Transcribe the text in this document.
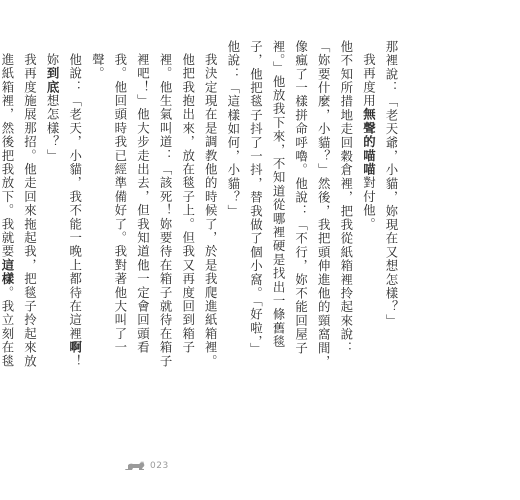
那裡說：「老天爺，小貓，妳現在又想怎樣？」

我再度用無聲的喵喵對付他。

他不知所措地走回穀倉裡，把我從紙箱裡拎起來說：「妳要什麼，小貓？」然後，我把頭伸進他的頸窩間，像瘋了一樣拼命呼嚕。他說：「不行，妳不能回屋子裡。」他放我下來，不知道從哪裡硬是找出一條舊毯子，他把毯子抖了一抖，替我做了個小窩。「好啦，」他說：「這樣如何，小貓？」

我決定現在是調教他的時候了，於是我爬進紙箱裡。他把我抱出來，放在毯子上。但我又再度回到箱子裡。他生氣叫道：「該死！妳要待在箱子就待在箱子裡吧！」他大步走出去，但我知道他一定會回頭看我。他回頭時我已經準備好了。我對著他大叫了一聲。

他說：「老天，小貓，我不能一晚上都待在這裡啊！妳到底想怎樣？」

我再度施展那招。他走回來拖起我，把毯子拎起來放進紙箱裡，然後把我放下。我就要這樣。我立刻在毯

023
